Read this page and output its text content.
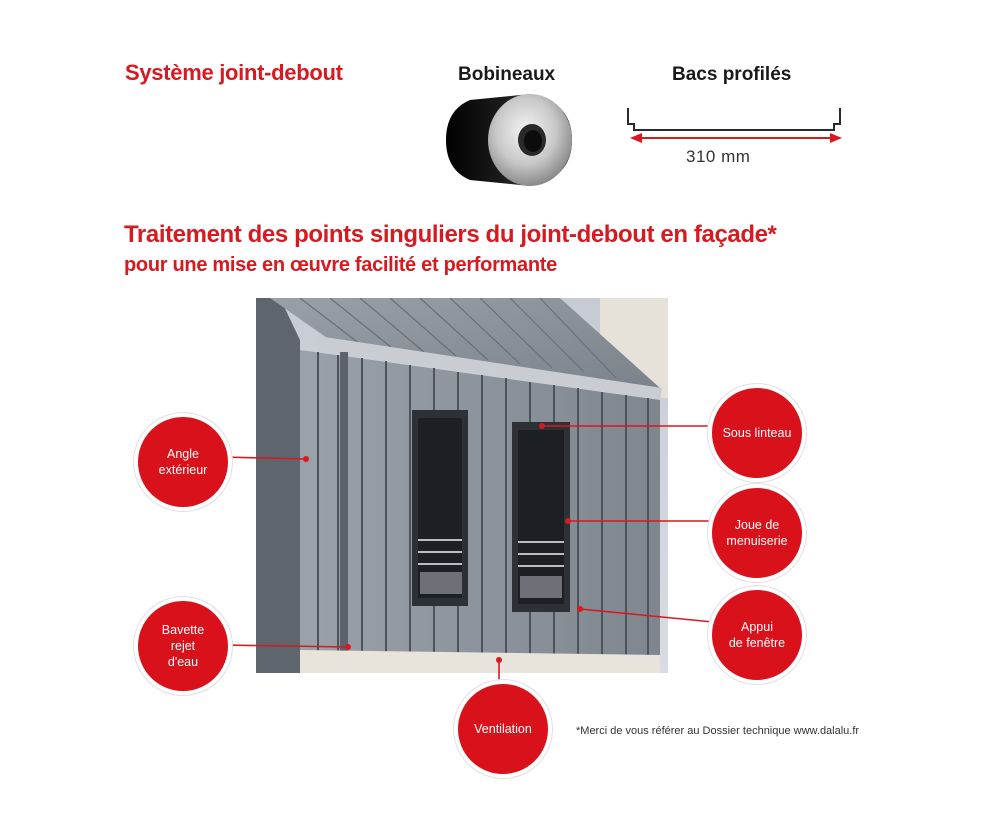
Système joint-debout	Bobineaux	Bacs profilés
310 mm
Traitement des points singuliers du joint-debout en façade*
pour une mise en œuvre facilité et performante
Angle
extérieur
Bavette
rejet
d'eau
Ventilation
Sous linteau
Joue de
menuiserie
Appui
de fenêtre
*Merci de vous référer au Dossier technique www.dalalu.fr
